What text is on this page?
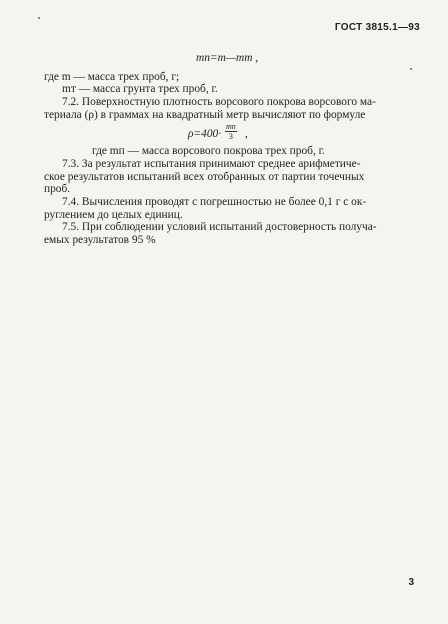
ГОСТ 3815.1—93
mп=m—mт ,
где m — масса трех проб, г;
mт — масса грунта трех проб, г.
7.2. Поверхностную плотность ворсового покрова ворсового ма-
териала (ρ) в граммах на квадратный метр вычисляют по формуле
ρ=400·
mп
3	,
где mп — масса ворсового покрова трех проб, г.
7.3. За результат испытания принимают среднее арифметиче-
ское результатов испытаний всех отобранных от партии точечных
проб.
7.4. Вычисления проводят с погрешностью не более 0,1 г с ок-
руглением до целых единиц.
7.5. При соблюдении условий испытаний достоверность получа-
емых результатов 95 %
3
